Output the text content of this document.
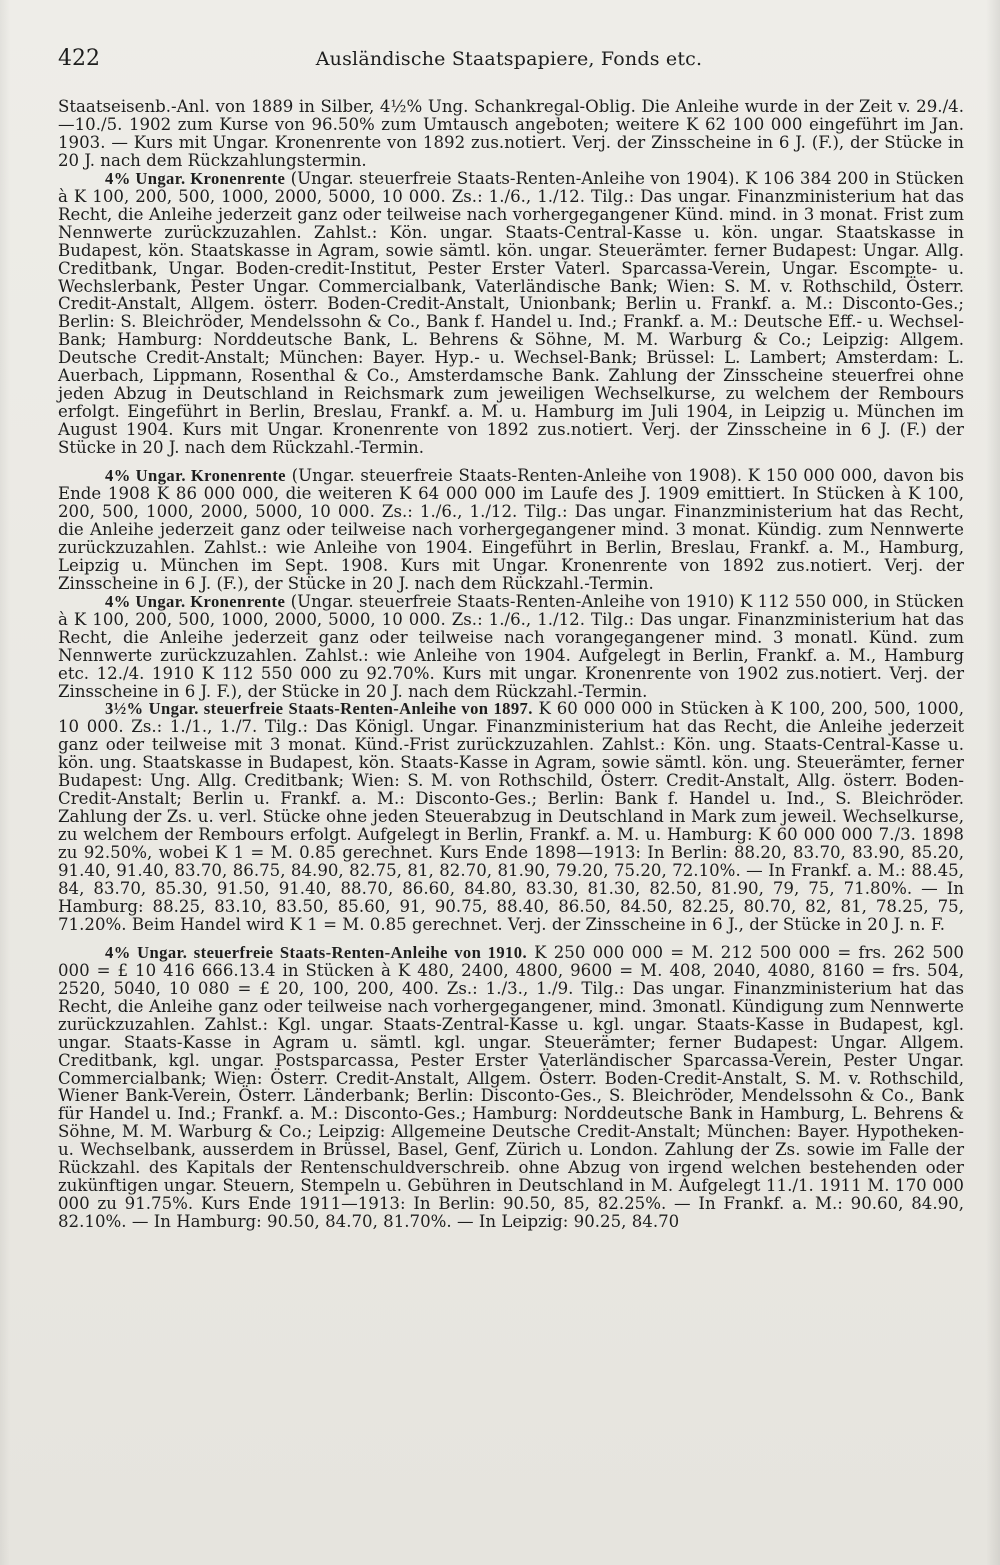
422	Ausländische Staatspapiere, Fonds etc.

Staatseisenb.-Anl. von 1889 in Silber, 4½% Ung. Schankregal-Oblig. Die Anleihe wurde in der Zeit v. 29./4.—10./5. 1902 zum Kurse von 96.50% zum Umtausch angeboten; weitere K 62 100 000 eingeführt im Jan. 1903. — Kurs mit Ungar. Kronenrente von 1892 zus.notiert. Verj. der Zinsscheine in 6 J. (F.), der Stücke in 20 J. nach dem Rückzahlungstermin.

4% Ungar. Kronenrente (Ungar. steuerfreie Staats-Renten-Anleihe von 1904). K 106 384 200 in Stücken à K 100, 200, 500, 1000, 2000, 5000, 10 000. Zs.: 1./6., 1./12. Tilg.: Das ungar. Finanzministerium hat das Recht, die Anleihe jederzeit ganz oder teilweise nach vorhergegangener Künd. mind. in 3 monat. Frist zum Nennwerte zurückzuzahlen. Zahlst.: Kön. ungar. Staats-Central-Kasse u. kön. ungar. Staatskasse in Budapest, kön. Staatskasse in Agram, sowie sämtl. kön. ungar. Steuerämter. ferner Budapest: Ungar. Allg. Creditbank, Ungar. Boden-credit-Institut, Pester Erster Vaterl. Sparcassa-Verein, Ungar. Escompte- u. Wechslerbank, Pester Ungar. Commercialbank, Vaterländische Bank; Wien: S. M. v. Rothschild, Österr. Credit-Anstalt, Allgem. österr. Boden-Credit-Anstalt, Unionbank; Berlin u. Frankf. a. M.: Disconto-Ges.; Berlin: S. Bleichröder, Mendelssohn & Co., Bank f. Handel u. Ind.; Frankf. a. M.: Deutsche Eff.- u. Wechsel-Bank; Hamburg: Norddeutsche Bank, L. Behrens & Söhne, M. M. Warburg & Co.; Leipzig: Allgem. Deutsche Credit-Anstalt; München: Bayer. Hyp.- u. Wechsel-Bank; Brüssel: L. Lambert; Amsterdam: L. Auerbach, Lippmann, Rosenthal & Co., Amsterdamsche Bank. Zahlung der Zinsscheine steuerfrei ohne jeden Abzug in Deutschland in Reichsmark zum jeweiligen Wechselkurse, zu welchem der Rembours erfolgt. Eingeführt in Berlin, Breslau, Frankf. a. M. u. Hamburg im Juli 1904, in Leipzig u. München im August 1904. Kurs mit Ungar. Kronenrente von 1892 zus.notiert. Verj. der Zinsscheine in 6 J. (F.) der Stücke in 20 J. nach dem Rückzahl.-Termin.

4% Ungar. Kronenrente (Ungar. steuerfreie Staats-Renten-Anleihe von 1908). K 150 000 000, davon bis Ende 1908 K 86 000 000, die weiteren K 64 000 000 im Laufe des J. 1909 emittiert. In Stücken à K 100, 200, 500, 1000, 2000, 5000, 10 000. Zs.: 1./6., 1./12. Tilg.: Das ungar. Finanzministerium hat das Recht, die Anleihe jederzeit ganz oder teilweise nach vorhergegangener mind. 3 monat. Kündig. zum Nennwerte zurückzuzahlen. Zahlst.: wie Anleihe von 1904. Eingeführt in Berlin, Breslau, Frankf. a. M., Hamburg, Leipzig u. München im Sept. 1908. Kurs mit Ungar. Kronenrente von 1892 zus.notiert. Verj. der Zinsscheine in 6 J. (F.), der Stücke in 20 J. nach dem Rückzahl.-Termin.

4% Ungar. Kronenrente (Ungar. steuerfreie Staats-Renten-Anleihe von 1910) K 112 550 000, in Stücken à K 100, 200, 500, 1000, 2000, 5000, 10 000. Zs.: 1./6., 1./12. Tilg.: Das ungar. Finanzministerium hat das Recht, die Anleihe jederzeit ganz oder teilweise nach vorangegangener mind. 3 monatl. Künd. zum Nennwerte zurückzuzahlen. Zahlst.: wie Anleihe von 1904. Aufgelegt in Berlin, Frankf. a. M., Hamburg etc. 12./4. 1910 K 112 550 000 zu 92.70%. Kurs mit ungar. Kronenrente von 1902 zus.notiert. Verj. der Zinsscheine in 6 J. F.), der Stücke in 20 J. nach dem Rückzahl.-Termin.

3½% Ungar. steuerfreie Staats-Renten-Anleihe von 1897. K 60 000 000 in Stücken à K 100, 200, 500, 1000, 10 000. Zs.: 1./1., 1./7. Tilg.: Das Königl. Ungar. Finanzministerium hat das Recht, die Anleihe jederzeit ganz oder teilweise mit 3 monat. Künd.-Frist zurückzuzahlen. Zahlst.: Kön. ung. Staats-Central-Kasse u. kön. ung. Staatskasse in Budapest, kön. Staats-Kasse in Agram, sowie sämtl. kön. ung. Steuerämter, ferner Budapest: Ung. Allg. Creditbank; Wien: S. M. von Rothschild, Österr. Credit-Anstalt, Allg. österr. Boden-Credit-Anstalt; Berlin u. Frankf. a. M.: Disconto-Ges.; Berlin: Bank f. Handel u. Ind., S. Bleichröder. Zahlung der Zs. u. verl. Stücke ohne jeden Steuerabzug in Deutschland in Mark zum jeweil. Wechselkurse, zu welchem der Rembours erfolgt. Aufgelegt in Berlin, Frankf. a. M. u. Hamburg: K 60 000 000 7./3. 1898 zu 92.50%, wobei K 1 = M. 0.85 gerechnet. Kurs Ende 1898—1913: In Berlin: 88.20, 83.70, 83.90, 85.20, 91.40, 91.40, 83.70, 86.75, 84.90, 82.75, 81, 82.70, 81.90, 79.20, 75.20, 72.10%. — In Frankf. a. M.: 88.45, 84, 83.70, 85.30, 91.50, 91.40, 88.70, 86.60, 84.80, 83.30, 81.30, 82.50, 81.90, 79, 75, 71.80%. — In Hamburg: 88.25, 83.10, 83.50, 85.60, 91, 90.75, 88.40, 86.50, 84.50, 82.25, 80.70, 82, 81, 78.25, 75, 71.20%. Beim Handel wird K 1 = M. 0.85 gerechnet. Verj. der Zinsscheine in 6 J., der Stücke in 20 J. n. F.

4% Ungar. steuerfreie Staats-Renten-Anleihe von 1910. K 250 000 000 = M. 212 500 000 = frs. 262 500 000 = £ 10 416 666.13.4 in Stücken à K 480, 2400, 4800, 9600 = M. 408, 2040, 4080, 8160 = frs. 504, 2520, 5040, 10 080 = £ 20, 100, 200, 400. Zs.: 1./3., 1./9. Tilg.: Das ungar. Finanzministerium hat das Recht, die Anleihe ganz oder teilweise nach vorhergegangener, mind. 3monatl. Kündigung zum Nennwerte zurückzuzahlen. Zahlst.: Kgl. ungar. Staats-Zentral-Kasse u. kgl. ungar. Staats-Kasse in Budapest, kgl. ungar. Staats-Kasse in Agram u. sämtl. kgl. ungar. Steuerämter; ferner Budapest: Ungar. Allgem. Creditbank, kgl. ungar. Postsparcassa, Pester Erster Vaterländischer Sparcassa-Verein, Pester Ungar. Commercialbank; Wien: Österr. Credit-Anstalt, Allgem. Österr. Boden-Credit-Anstalt, S. M. v. Rothschild, Wiener Bank-Verein, Österr. Länderbank; Berlin: Disconto-Ges., S. Bleichröder, Mendelssohn & Co., Bank für Handel u. Ind.; Frankf. a. M.: Disconto-Ges.; Hamburg: Norddeutsche Bank in Hamburg, L. Behrens & Söhne, M. M. Warburg & Co.; Leipzig: Allgemeine Deutsche Credit-Anstalt; München: Bayer. Hypotheken- u. Wechselbank, ausserdem in Brüssel, Basel, Genf, Zürich u. London. Zahlung der Zs. sowie im Falle der Rückzahl. des Kapitals der Rentenschuldverschreib. ohne Abzug von irgend welchen bestehenden oder zukünftigen ungar. Steuern, Stempeln u. Gebühren in Deutschland in M. Aufgelegt 11./1. 1911 M. 170 000 000 zu 91.75%. Kurs Ende 1911—1913: In Berlin: 90.50, 85, 82.25%. — In Frankf. a. M.: 90.60, 84.90, 82.10%. — In Hamburg: 90.50, 84.70, 81.70%. — In Leipzig: 90.25, 84.70
